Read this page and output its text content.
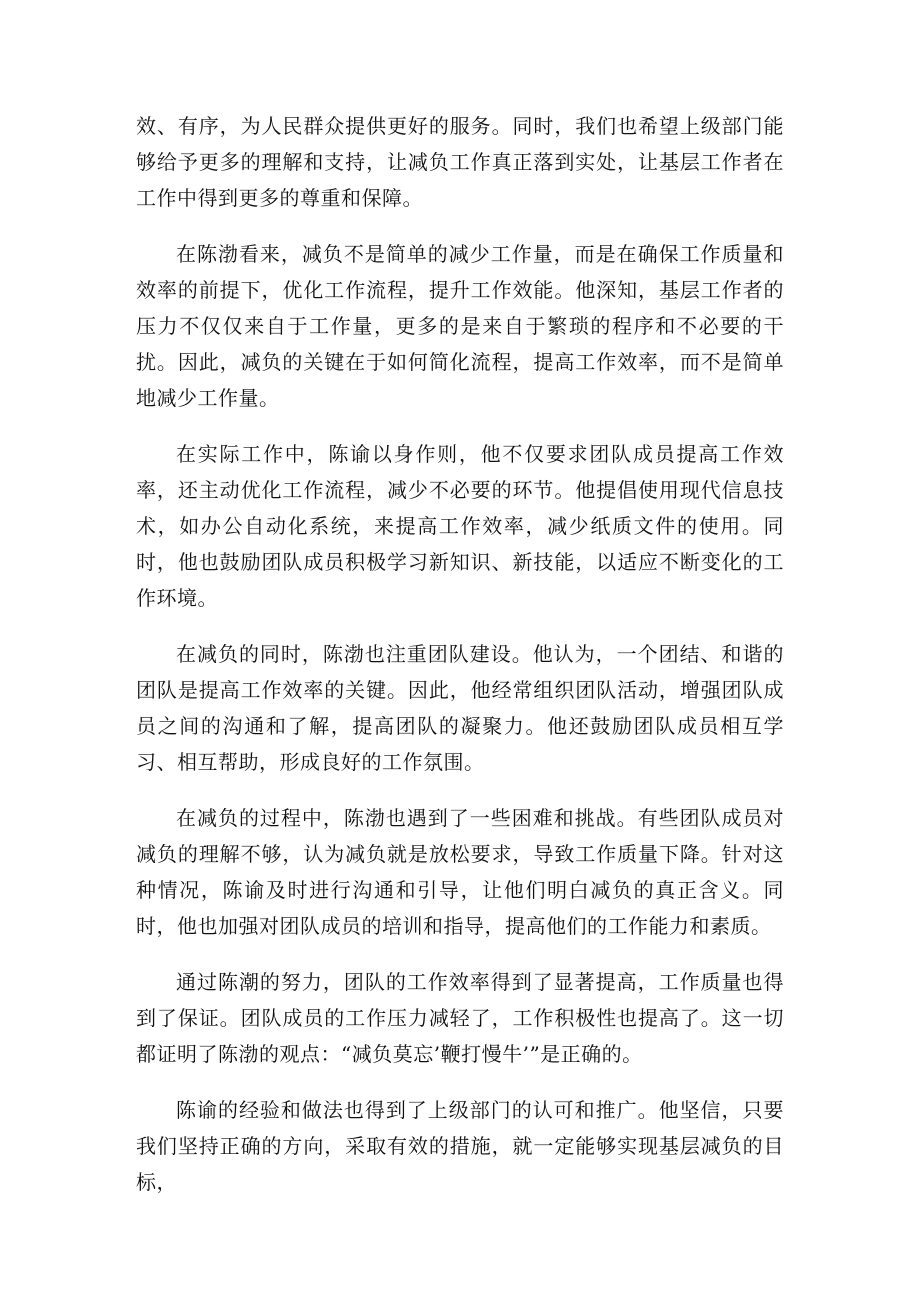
效、有序，为人民群众提供更好的服务。同时，我们也希望上级部门能够给予更多的理解和支持，让减负工作真正落到实处，让基层工作者在工作中得到更多的尊重和保障。

在陈渤看来，减负不是简单的减少工作量，而是在确保工作质量和效率的前提下，优化工作流程，提升工作效能。他深知，基层工作者的压力不仅仅来自于工作量，更多的是来自于繁琐的程序和不必要的干扰。因此，减负的关键在于如何简化流程，提高工作效率，而不是简单地减少工作量。

在实际工作中，陈谕以身作则，他不仅要求团队成员提高工作效率，还主动优化工作流程，减少不必要的环节。他提倡使用现代信息技术，如办公自动化系统，来提高工作效率，减少纸质文件的使用。同时，他也鼓励团队成员积极学习新知识、新技能，以适应不断变化的工作环境。

在减负的同时，陈渤也注重团队建设。他认为，一个团结、和谐的团队是提高工作效率的关键。因此，他经常组织团队活动，增强团队成员之间的沟通和了解，提高团队的凝聚力。他还鼓励团队成员相互学习、相互帮助，形成良好的工作氛围。

在减负的过程中，陈渤也遇到了一些困难和挑战。有些团队成员对减负的理解不够，认为减负就是放松要求，导致工作质量下降。针对这种情况，陈谕及时进行沟通和引导，让他们明白减负的真正含义。同时，他也加强对团队成员的培训和指导，提高他们的工作能力和素质。

通过陈潮的努力，团队的工作效率得到了显著提高，工作质量也得到了保证。团队成员的工作压力减轻了，工作积极性也提高了。这一切都证明了陈渤的观点：“减负莫忘’鞭打慢牛’”是正确的。

陈谕的经验和做法也得到了上级部门的认可和推广。他坚信，只要我们坚持正确的方向，采取有效的措施，就一定能够实现基层减负的目标，
